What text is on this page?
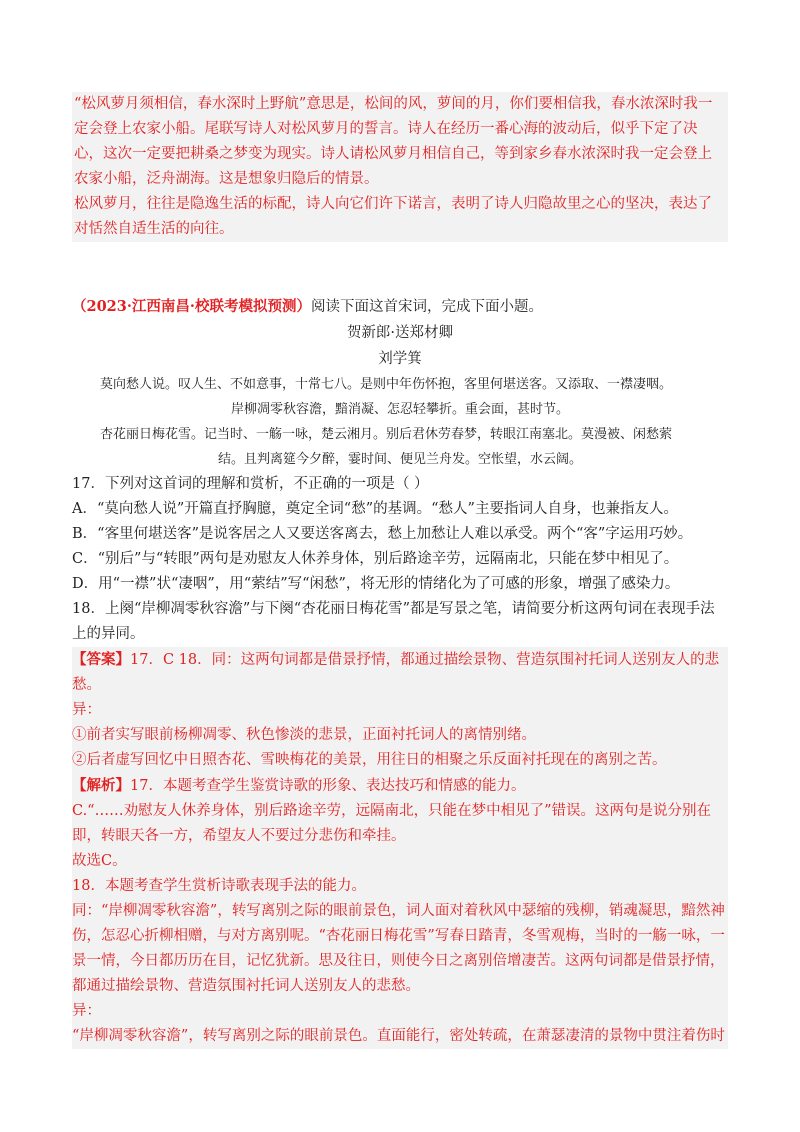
“松风萝月须相信，春水深时上野航”意思是，松间的风，萝间的月，你们要相信我，春水浓深时我一定会登上农家小船。尾联写诗人对松风萝月的誓言。诗人在经历一番心海的波动后，似乎下定了决心，这次一定要把耕桑之梦变为现实。诗人请松风萝月相信自己，等到家乡春水浓深时我一定会登上农家小船，泛舟湖海。这是想象归隐后的情景。

松风萝月，往往是隐逸生活的标配，诗人向它们许下诺言，表明了诗人归隐故里之心的坚决，表达了对恬然自适生活的向往。

（2023·江西南昌·校联考模拟预测）阅读下面这首宋词，完成下面小题。

贺新郎·送郑材卿

刘学箕

莫向愁人说。叹人生、不如意事，十常七八。是则中年伤怀抱，客里何堪送客。又添取、一襟凄咽。

岸柳凋零秋容澹，黯消凝、怎忍轻攀折。重会面，甚时节。

杏花丽日梅花雪。记当时、一觞一咏，楚云湘月。别后君休劳春梦，转眼江南塞北。莫漫被、闲愁萦

结。且判离筵今夕醉，霎时间、便见兰舟发。空怅望，水云阔。

17．下列对这首词的理解和赏析，不正确的一项是（ ）

A．“莫向愁人说”开篇直抒胸臆，奠定全词“愁”的基调。“愁人”主要指词人自身，也兼指友人。

B．“客里何堪送客”是说客居之人又要送客离去，愁上加愁让人难以承受。两个“客”字运用巧妙。

C．“别后”与“转眼”两句是劝慰友人休养身体，别后路途辛劳，远隔南北，只能在梦中相见了。

D．用“一襟”状“凄咽”，用“萦结”写“闲愁”，将无形的情绪化为了可感的形象，增强了感染力。

18．上阕“岸柳凋零秋容澹”与下阕“杏花丽日梅花雪”都是写景之笔，请简要分析这两句词在表现手法上的异同。

【答案】17．C 18．同：这两句词都是借景抒情，都通过描绘景物、营造氛围衬托词人送别友人的悲愁。

异：

①前者实写眼前杨柳凋零、秋色惨淡的悲景，正面衬托词人的离情别绪。

②后者虚写回忆中日照杏花、雪映梅花的美景，用往日的相聚之乐反面衬托现在的离别之苦。

【解析】17．本题考查学生鉴赏诗歌的形象、表达技巧和情感的能力。

C.“……劝慰友人休养身体，别后路途辛劳，远隔南北，只能在梦中相见了”错误。这两句是说分别在即，转眼天各一方，希望友人不要过分悲伤和牵挂。

故选C。

18．本题考查学生赏析诗歌表现手法的能力。

同：“岸柳凋零秋容澹”，转写离别之际的眼前景色，词人面对着秋风中瑟缩的残柳，销魂凝思，黯然神伤，怎忍心折柳相赠，与对方离别呢。“杏花丽日梅花雪”写春日踏青，冬雪观梅，当时的一觞一咏，一景一情，今日都历历在目，记忆犹新。思及往日，则使今日之离别倍增凄苦。这两句词都是借景抒情，都通过描绘景物、营造氛围衬托词人送别友人的悲愁。

异：

“岸柳凋零秋容澹”，转写离别之际的眼前景色。直面能行，密处转疏，在萧瑟凄清的景物中贯注着伤时
